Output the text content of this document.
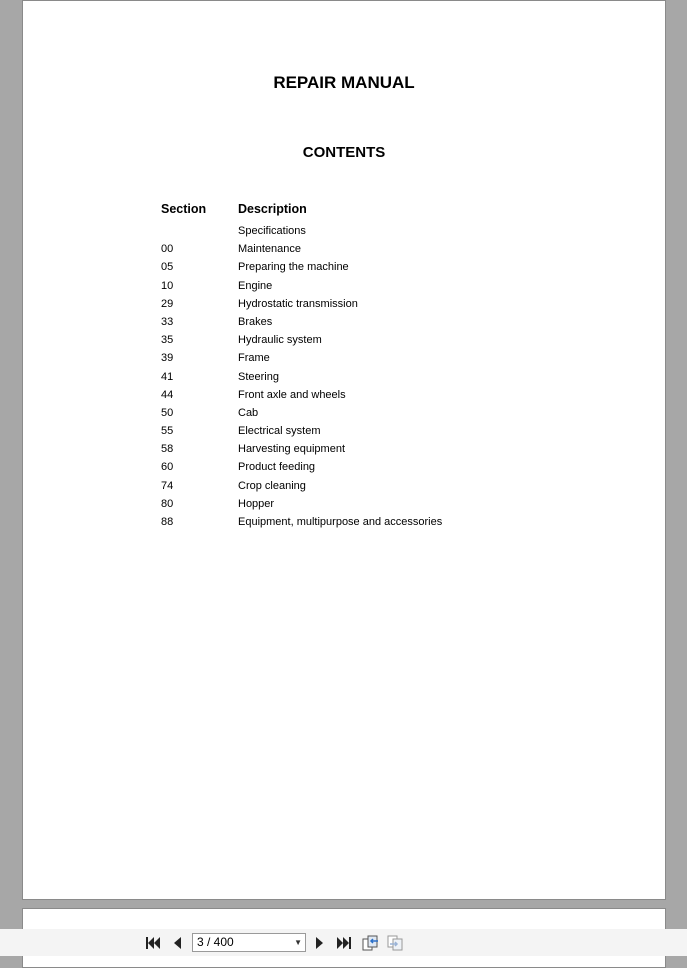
REPAIR MANUAL
CONTENTS
Section	Description
Specifications
00	Maintenance
05	Preparing the machine
10	Engine
29	Hydrostatic transmission
33	Brakes
35	Hydraulic system
39	Frame
41	Steering
44	Front axle and wheels
50	Cab
55	Electrical system
58	Harvesting equipment
60	Product feeding
74	Crop cleaning
80	Hopper
88	Equipment, multipurpose and accessories
3 / 400	▼
